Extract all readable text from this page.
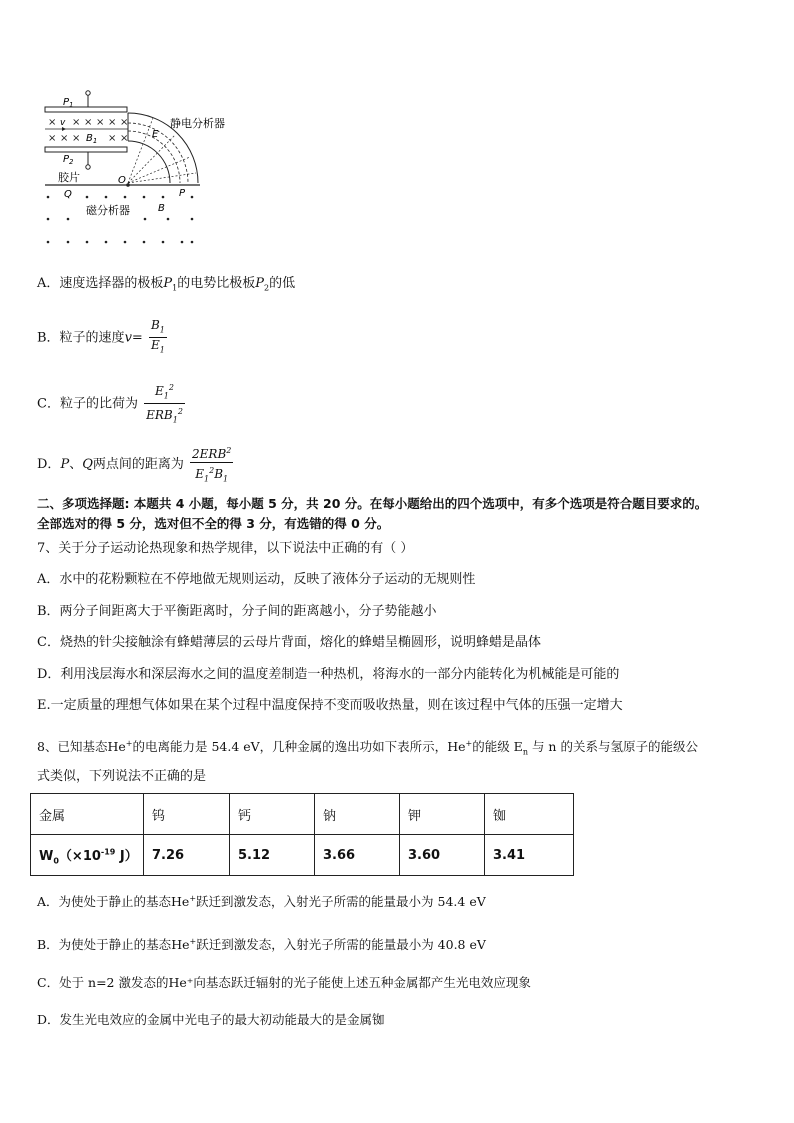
$P_1$
$P_2$
× × × × × ×
× × ×	× ×
v
$B_1$
E
静电分析器
胶片	O
Q	P
B
磁分析器
A．速度选择器的极板$P_1$的电势比极板$P_2$的低
B．粒子的速度$v= \frac{B_1}{E_1}$
C．粒子的比荷为 $\frac{E_1^2}{ERB_1^2}$
D．P、Q两点间的距离为 $\frac{2ERB^2}{E_1^2B_1}$
二、多项选择题: 本题共 4 小题，每小题 5 分，共 20 分。在每小题给出的四个选项中，有多个选项是符合题目要求的。
全部选对的得 5 分，选对但不全的得 3 分，有选错的得 0 分。
7、关于分子运动论热现象和热学规律，以下说法中正确的有（ ）
A．水中的花粉颗粒在不停地做无规则运动，反映了液体分子运动的无规则性
B．两分子间距离大于平衡距离时，分子间的距离越小，分子势能越小
C．烧热的针尖接触涂有蜂蜡薄层的云母片背面，熔化的蜂蜡呈椭圆形，说明蜂蜡是晶体
D．利用浅层海水和深层海水之间的温度差制造一种热机，将海水的一部分内能转化为机械能是可能的
E.一定质量的理想气体如果在某个过程中温度保持不变而吸收热量，则在该过程中气体的压强一定增大
8、已知基态He+的电离能力是 54.4 eV，几种金属的逸出功如下表所示，He+的能级 $E_n$ 与 n 的关系与氢原子的能级公
式类似，下列说法不正确的是
金属	钨	钙	钠	钾	铷
$W_0(\times 10^{-19}$ J）	7.26	5.12	3.66	3.60	3.41
A．为使处于静止的基态He+跃迁到激发态，入射光子所需的能量最小为 54.4 eV
B．为使处于静止的基态He+跃迁到激发态，入射光子所需的能量最小为 40.8 eV
C．处于 n=2 激发态的He⁺向基态跃迁辐射的光子能使上述五种金属都产生光电效应现象
D．发生光电效应的金属中光电子的最大初动能最大的是金属铷
